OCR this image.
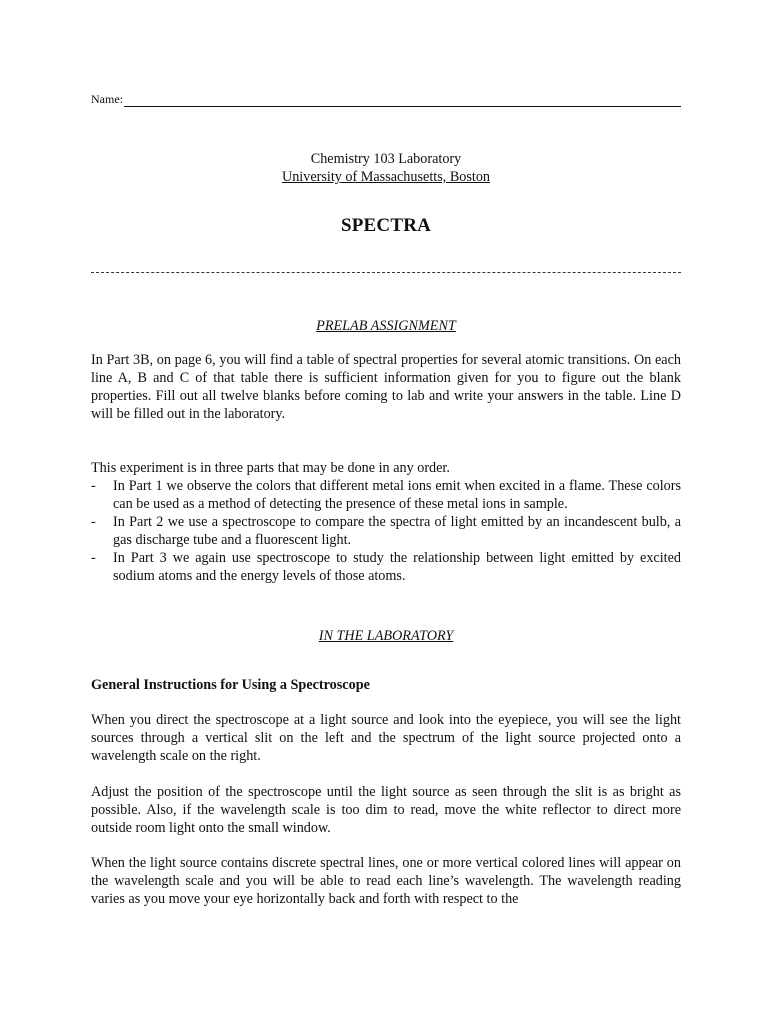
Name:
Chemistry 103 Laboratory
University of Massachusetts, Boston
SPECTRA
PRELAB ASSIGNMENT

In Part 3B, on page 6, you will find a table of spectral properties for several atomic transitions. On each line A, B and C of that table there is sufficient information given for you to figure out the blank properties. Fill out all twelve blanks before coming to lab and write your answers in the table. Line D will be filled out in the laboratory.

This experiment is in three parts that may be done in any order.

- In Part 1 we observe the colors that different metal ions emit when excited in a flame. These colors can be used as a method of detecting the presence of these metal ions in sample.
- In Part 2 we use a spectroscope to compare the spectra of light emitted by an incandescent bulb, a gas discharge tube and a fluorescent light.
- In Part 3 we again use spectroscope to study the relationship between light emitted by excited sodium atoms and the energy levels of those atoms.
IN THE LABORATORY
General Instructions for Using a Spectroscope

When you direct the spectroscope at a light source and look into the eyepiece, you will see the light sources through a vertical slit on the left and the spectrum of the light source projected onto a wavelength scale on the right.

Adjust the position of the spectroscope until the light source as seen through the slit is as bright as possible. Also, if the wavelength scale is too dim to read, move the white reflector to direct more outside room light onto the small window.

When the light source contains discrete spectral lines, one or more vertical colored lines will appear on the wavelength scale and you will be able to read each line’s wavelength. The wavelength reading varies as you move your eye horizontally back and forth with respect to the
